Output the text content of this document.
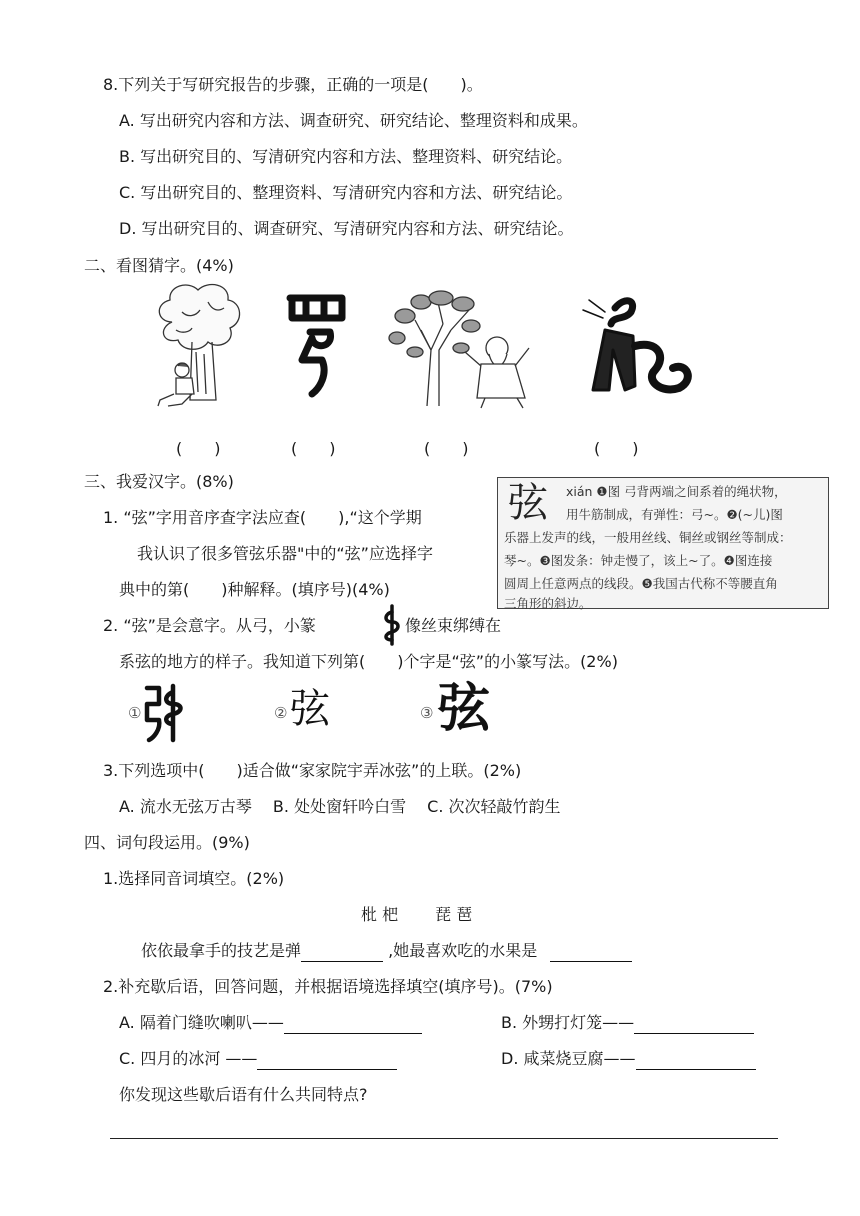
8.下列关于写研究报告的步骤，正确的一项是(　　)。
A. 写出研究内容和方法、调查研究、研究结论、整理资料和成果。
B. 写出研究目的、写清研究内容和方法、整理资料、研究结论。
C. 写出研究目的、整理资料、写清研究内容和方法、研究结论。
D. 写出研究目的、调查研究、写清研究内容和方法、研究结论。
二、看图猜字。(4%)
(　　)	(　　)	(　　)	(　　)
三、我爱汉字。(8%)
1. “弦”字用音序查字法应查(　　),“这个学期
我认识了很多管弦乐器"中的“弦”应选择字
典中的第(　　)种解释。(填序号)(4%)
弦 xián ❶图 弓背两端之间系着的绳状物，
用牛筋制成，有弹性：弓~。❷(~儿)图
乐器上发声的线，一般用丝线、铜丝或钢丝等制成：
琴~。❸图发条：钟走慢了，该上~了。❹图连接
圆周上任意两点的线段。❺我国古代称不等腰直角
三角形的斜边。
2. “弦”是会意字。从弓，小篆	像丝束绑缚在
系弦的地方的样子。我知道下列第(　　)个字是“弦”的小篆写法。(2%)
①	② 弦	③ 弦
3.下列选项中(　　)适合做“家家院宇弄冰弦”的上联。(2%)
A. 流水无弦万古琴　 B. 处处窗轩吟白雪　 C. 次次轻敲竹韵生
四、词句段运用。(9%)
1.选择同音词填空。(2%)
枇 杷　　 琵 琶
依依最拿手的技艺是弹	,她最喜欢吃的水果是
2.补充歇后语，回答问题，并根据语境选择填空(填序号)。(7%)
A. 隔着门缝吹喇叭——	B. 外甥打灯笼——
C. 四月的冰河 ——	D. 咸菜烧豆腐——
你发现这些歇后语有什么共同特点?
